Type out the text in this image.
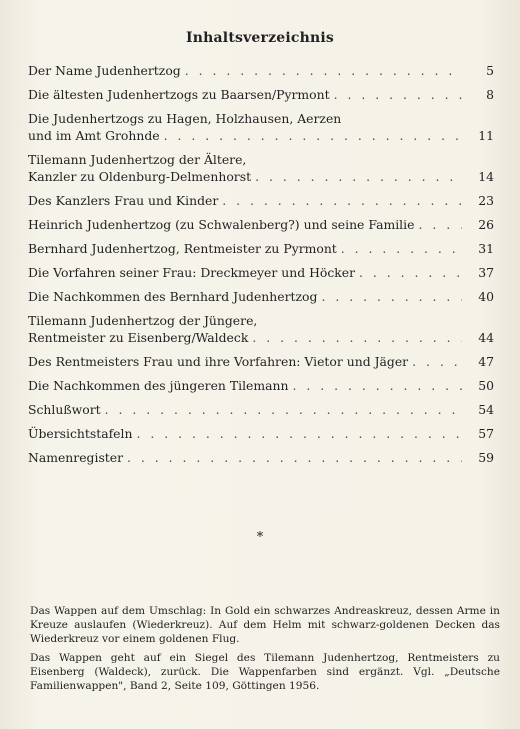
Inhaltsverzeichnis
Der Name Judenhertzog . . .	5
Die ältesten Judenhertzogs zu Baarsen/Pyrmont . . .	8
Die Judenhertzogs zu Hagen, Holzhausen, Aerzen
und im Amt Grohnde . . .	11
Tilemann Judenhertzog der Ältere,
Kanzler zu Oldenburg-Delmenhorst . . .	14
Des Kanzlers Frau und Kinder . . .	23
Heinrich Judenhertzog (zu Schwalenberg?) und seine Familie . . .	26
Bernhard Judenhertzog, Rentmeister zu Pyrmont . . .	31
Die Vorfahren seiner Frau: Dreckmeyer und Höcker . . .	37
Die Nachkommen des Bernhard Judenhertzog . . .	40
Tilemann Judenhertzog der Jüngere,
Rentmeister zu Eisenberg/Waldeck . . .	44
Des Rentmeisters Frau und ihre Vorfahren: Vietor und Jäger . . .	47
Die Nachkommen des jüngeren Tilemann . . .	50
Schlußwort . . .	54
Übersichtstafeln . . .	57
Namenregister . . .	59
*

Das Wappen auf dem Umschlag: In Gold ein schwarzes Andreaskreuz, dessen Arme in Kreuze auslaufen (Wiederkreuz). Auf dem Helm mit schwarz-goldenen Decken das Wiederkreuz vor einem goldenen Flug.

Das Wappen geht auf ein Siegel des Tilemann Judenhertzog, Rentmeisters zu Eisenberg (Waldeck), zurück. Die Wappenfarben sind ergänzt. Vgl. „Deutsche Familienwappen", Band 2, Seite 109, Göttingen 1956.
